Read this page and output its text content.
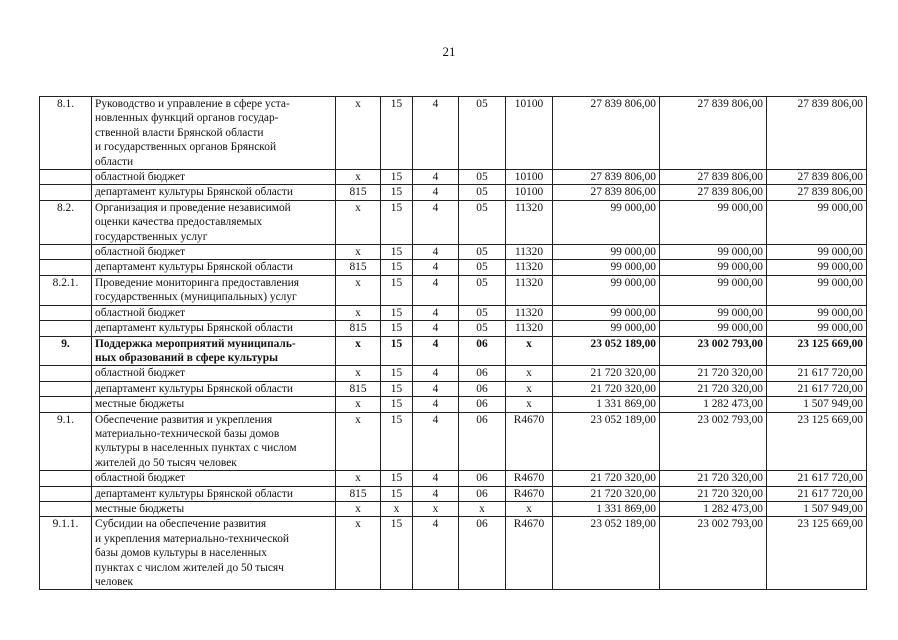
21
8.1.	Руководство и управление в сфере уста-
новленных функций органов государ-
ственной власти Брянской области
и государственных органов Брянской
области	х	15	4	05	10100	27 839 806,00	27 839 806,00	27 839 806,00
	областной бюджет	х	15	4	05	10100	27 839 806,00	27 839 806,00	27 839 806,00
	департамент культуры Брянской области	815	15	4	05	10100	27 839 806,00	27 839 806,00	27 839 806,00
8.2.	Организация и проведение независимой
оценки качества предоставляемых
государственных услуг	х	15	4	05	11320	99 000,00	99 000,00	99 000,00
	областной бюджет	х	15	4	05	11320	99 000,00	99 000,00	99 000,00
	департамент культуры Брянской области	815	15	4	05	11320	99 000,00	99 000,00	99 000,00
8.2.1.	Проведение мониторинга предоставления
государственных (муниципальных) услуг	х	15	4	05	11320	99 000,00	99 000,00	99 000,00
	областной бюджет	х	15	4	05	11320	99 000,00	99 000,00	99 000,00
	департамент культуры Брянской области	815	15	4	05	11320	99 000,00	99 000,00	99 000,00
9.	Поддержка мероприятий муниципаль-
ных образований в сфере культуры	х	15	4	06	х	23 052 189,00	23 002 793,00	23 125 669,00
	областной бюджет	х	15	4	06	х	21 720 320,00	21 720 320,00	21 617 720,00
	департамент культуры Брянской области	815	15	4	06	х	21 720 320,00	21 720 320,00	21 617 720,00
	местные бюджеты	х	15	4	06	х	1 331 869,00	1 282 473,00	1 507 949,00
9.1.	Обеспечение развития и укрепления
материально-технической базы домов
культуры в населенных пунктах с числом
жителей до 50 тысяч человек	х	15	4	06	R4670	23 052 189,00	23 002 793,00	23 125 669,00
	областной бюджет	х	15	4	06	R4670	21 720 320,00	21 720 320,00	21 617 720,00
	департамент культуры Брянской области	815	15	4	06	R4670	21 720 320,00	21 720 320,00	21 617 720,00
	местные бюджеты	х	х	х	х	х	1 331 869,00	1 282 473,00	1 507 949,00
9.1.1.	Субсидии на обеспечение развития
и укрепления материально-технической
базы домов культуры в населенных
пунктах с числом жителей до 50 тысяч
человек	х	15	4	06	R4670	23 052 189,00	23 002 793,00	23 125 669,00
